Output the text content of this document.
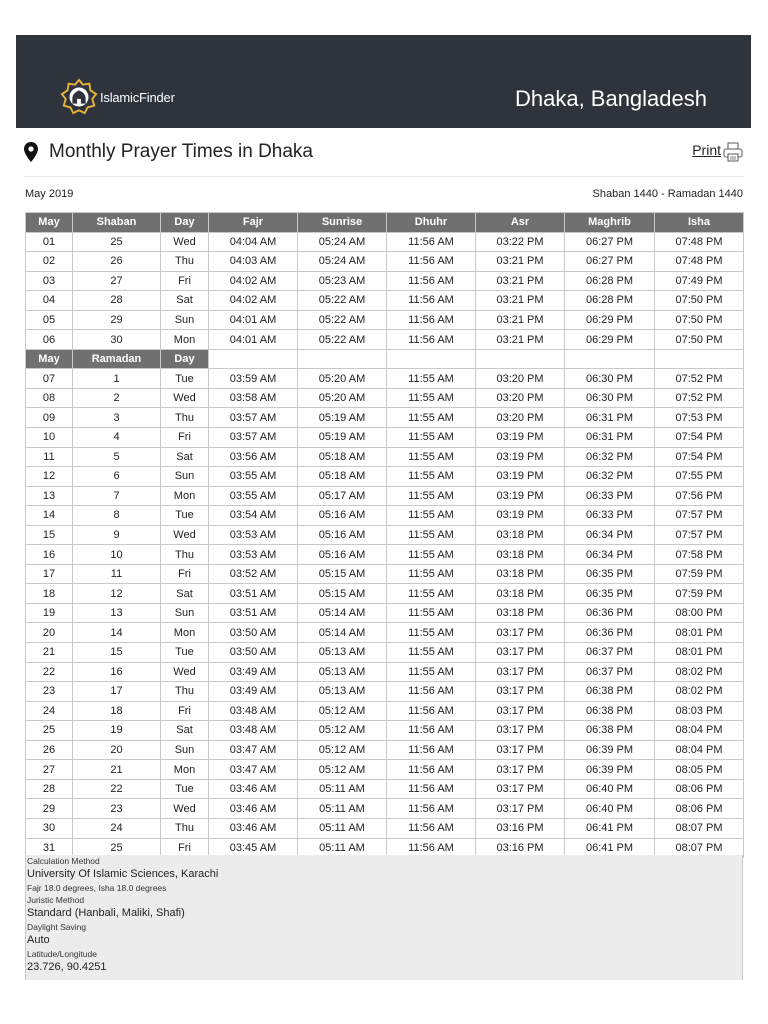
IslamicFinder	Dhaka, Bangladesh
Monthly Prayer Times in Dhaka	Print
May 2019	Shaban 1440 - Ramadan 1440
May	Shaban	Day	Fajr	Sunrise	Dhuhr	Asr	Maghrib	Isha
01	25	Wed	04:04 AM	05:24 AM	11:56 AM	03:22 PM	06:27 PM	07:48 PM
02	26	Thu	04:03 AM	05:24 AM	11:56 AM	03:21 PM	06:27 PM	07:48 PM
03	27	Fri	04:02 AM	05:23 AM	11:56 AM	03:21 PM	06:28 PM	07:49 PM
04	28	Sat	04:02 AM	05:22 AM	11:56 AM	03:21 PM	06:28 PM	07:50 PM
05	29	Sun	04:01 AM	05:22 AM	11:56 AM	03:21 PM	06:29 PM	07:50 PM
06	30	Mon	04:01 AM	05:22 AM	11:56 AM	03:21 PM	06:29 PM	07:50 PM
May	Ramadan	Day						
07	1	Tue	03:59 AM	05:20 AM	11:55 AM	03:20 PM	06:30 PM	07:52 PM
08	2	Wed	03:58 AM	05:20 AM	11:55 AM	03:20 PM	06:30 PM	07:52 PM
09	3	Thu	03:57 AM	05:19 AM	11:55 AM	03:20 PM	06:31 PM	07:53 PM
10	4	Fri	03:57 AM	05:19 AM	11:55 AM	03:19 PM	06:31 PM	07:54 PM
11	5	Sat	03:56 AM	05:18 AM	11:55 AM	03:19 PM	06:32 PM	07:54 PM
12	6	Sun	03:55 AM	05:18 AM	11:55 AM	03:19 PM	06:32 PM	07:55 PM
13	7	Mon	03:55 AM	05:17 AM	11:55 AM	03:19 PM	06:33 PM	07:56 PM
14	8	Tue	03:54 AM	05:16 AM	11:55 AM	03:19 PM	06:33 PM	07:57 PM
15	9	Wed	03:53 AM	05:16 AM	11:55 AM	03:18 PM	06:34 PM	07:57 PM
16	10	Thu	03:53 AM	05:16 AM	11:55 AM	03:18 PM	06:34 PM	07:58 PM
17	11	Fri	03:52 AM	05:15 AM	11:55 AM	03:18 PM	06:35 PM	07:59 PM
18	12	Sat	03:51 AM	05:15 AM	11:55 AM	03:18 PM	06:35 PM	07:59 PM
19	13	Sun	03:51 AM	05:14 AM	11:55 AM	03:18 PM	06:36 PM	08:00 PM
20	14	Mon	03:50 AM	05:14 AM	11:55 AM	03:17 PM	06:36 PM	08:01 PM
21	15	Tue	03:50 AM	05:13 AM	11:55 AM	03:17 PM	06:37 PM	08:01 PM
22	16	Wed	03:49 AM	05:13 AM	11:55 AM	03:17 PM	06:37 PM	08:02 PM
23	17	Thu	03:49 AM	05:13 AM	11:56 AM	03:17 PM	06:38 PM	08:02 PM
24	18	Fri	03:48 AM	05:12 AM	11:56 AM	03:17 PM	06:38 PM	08:03 PM
25	19	Sat	03:48 AM	05:12 AM	11:56 AM	03:17 PM	06:38 PM	08:04 PM
26	20	Sun	03:47 AM	05:12 AM	11:56 AM	03:17 PM	06:39 PM	08:04 PM
27	21	Mon	03:47 AM	05:12 AM	11:56 AM	03:17 PM	06:39 PM	08:05 PM
28	22	Tue	03:46 AM	05:11 AM	11:56 AM	03:17 PM	06:40 PM	08:06 PM
29	23	Wed	03:46 AM	05:11 AM	11:56 AM	03:17 PM	06:40 PM	08:06 PM
30	24	Thu	03:46 AM	05:11 AM	11:56 AM	03:16 PM	06:41 PM	08:07 PM
31	25	Fri	03:45 AM	05:11 AM	11:56 AM	03:16 PM	06:41 PM	08:07 PM
Calculation Method
University Of Islamic Sciences, Karachi
Fajr 18.0 degrees, Isha 18.0 degrees
Juristic Method
Standard (Hanbali, Maliki, Shafi)
Daylight Saving
Auto
Latitude/Longitude
23.726, 90.4251
